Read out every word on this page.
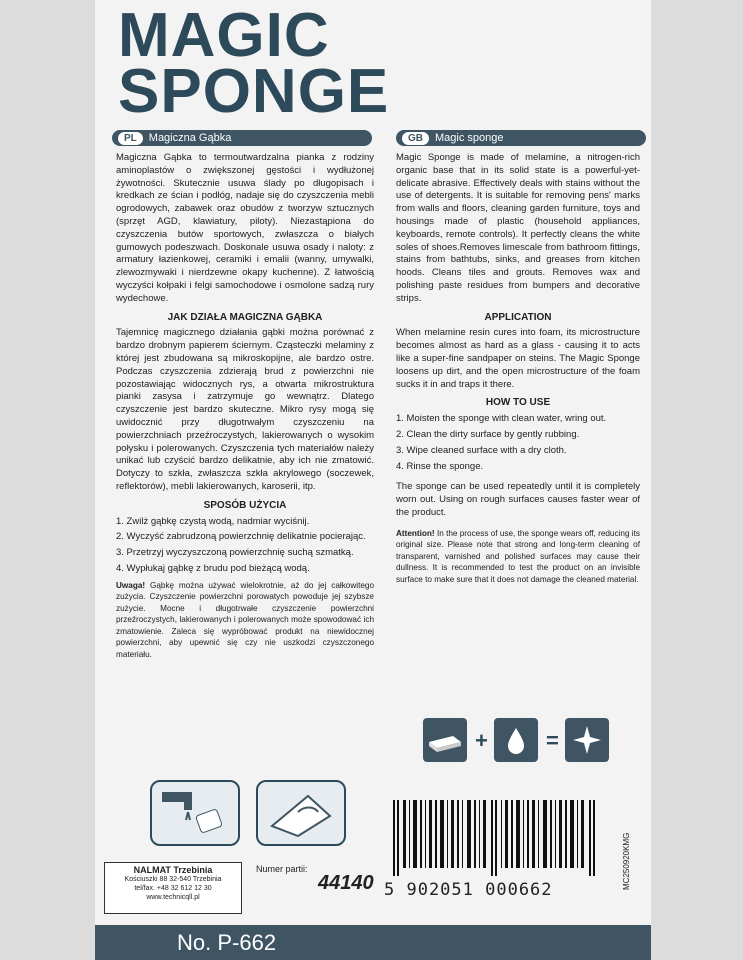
MAGIC
SPONGE
PL Magiczna Gąbka	GB Magic sponge

Magiczna Gąbka to termoutwardzalna pianka z rodziny aminoplastów o zwiększonej gęstości i wydłużonej żywotności. Skutecznie usuwa ślady po długopisach i kredkach ze ścian i podłóg, nadaje się do czyszczenia mebli ogrodowych, zabawek oraz obudów z tworzyw sztucznych (sprzęt AGD, klawiatury, piloty). Niezastąpiona do czyszczenia butów sportowych, zwłaszcza o białych gumowych podeszwach. Doskonale usuwa osady i naloty: z armatury łazienkowej, ceramiki i emalii (wanny, umywalki, zlewozmywaki i nierdzewne okapy kuchenne). Z łatwością wyczyści kołpaki i felgi samochodowe i osmolone sadzą rury wydechowe.

JAK DZIAŁA MAGICZNA GĄBKA

Tajemnicę magicznego działania gąbki można porównać z bardzo drobnym papierem ściernym. Cząsteczki melaminy z której jest zbudowana są mikroskopijne, ale bardzo ostre. Podczas czyszczenia zdzierają brud z powierzchni nie pozostawiając widocznych rys, a otwarta mikrostruktura pianki zasysa i zatrzymuje go wewnątrz. Dlatego czyszczenie jest bardzo skuteczne. Mikro rysy mogą się uwidocznić przy długotrwałym czyszczeniu na powierzchniach przeźroczystych, lakierowanych o wysokim połysku i polerowanych. Czyszczenia tych materiałów należy unikać lub czyścić bardzo delikatnie, aby ich nie zmatowić. Dotyczy to szkła, zwłaszcza szkła akrylowego (soczewek, reflektorów), mebli lakierowanych, karoserii, itp.

SPOSÓB UŻYCIA
1. Zwilż gąbkę czystą wodą, nadmiar wyciśnij.
2. Wyczyść zabrudzoną powierzchnię delikatnie pocierając.
3. Przetrzyj wyczyszczoną powierzchnię suchą szmatką.
4. Wypłukaj gąbkę z brudu pod bieżącą wodą.

Uwaga! Gąbkę można używać wielokrotnie, aż do jej całkowitego zużycia. Czyszczenie powierzchni porowatych powoduje jej szybsze zużycie. Mocne i długotrwałe czyszczenie powierzchni przeźroczystych, lakierowanych i polerowanych może spowodować ich zmatowienie. Zaleca się wypróbować produkt na niewidocznej powierzchni, aby upewnić się czy nie uszkodzi czyszczonego materiału.

Magic Sponge is made of melamine, a nitrogen-rich organic base that in its solid state is a powerful-yet-delicate abrasive. Effectively deals with stains without the use of detergents. It is suitable for removing pens' marks from walls and floors, cleaning garden furniture, toys and housings made of plastic (household appliances, keyboards, remote controls). It perfectly cleans the white soles of shoes.Removes limescale from bathroom fittings, stains from bathtubs, sinks, and greases from kitchen hoods. Cleans tiles and grouts. Removes wax and polishing paste residues from bumpers and decorative strips.

APPLICATION

When melamine resin cures into foam, its microstructure becomes almost as hard as a glass - causing it to acts like a super-fine sandpaper on steins. The Magic Sponge loosens up dirt, and the open microstructure of the foam sucks it in and traps it there.

HOW TO USE
1. Moisten the sponge with clean water, wring out.
2. Clean the dirty surface by gently rubbing.
3. Wipe cleaned surface with a dry cloth.
4. Rinse the sponge.

The sponge can be used repeatedly until it is completely worn out. Using on rough surfaces causes faster wear of the product.

Attention! In the process of use, the sponge wears off, reducing its original size. Please note that strong and long-term cleaning of transparent, varnished and polished surfaces may cause their dullness. It is recommended to test the product on an invisible surface to make sure that it does not damage the cleaned material.

+	=
NALMAT Trzebinia
Kościuszki 88 32-540 Trzebinia
tel/fax. +48 32 612 12 30
www.technicqll.pl
Numer partii:
44140 5 902051 000662	MC250920KMG
No. P-662
